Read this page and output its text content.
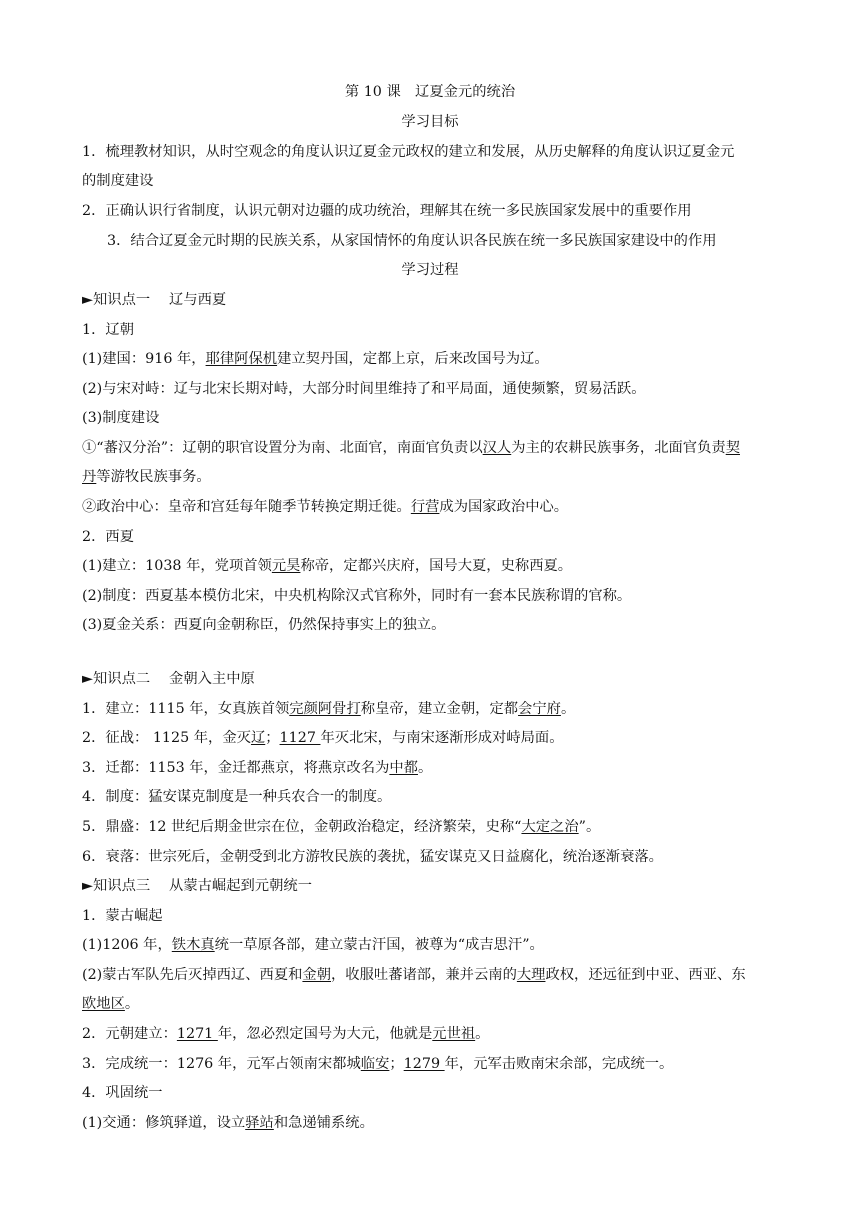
第 10 课　辽夏金元的统治
学习目标
1．梳理教材知识，从时空观念的角度认识辽夏金元政权的建立和发展，从历史解释的角度认识辽夏金元
的制度建设
2．正确认识行省制度，认识元朝对边疆的成功统治，理解其在统一多民族国家发展中的重要作用
3．结合辽夏金元时期的民族关系，从家国情怀的角度认识各民族在统一多民族国家建设中的作用
学习过程
►知识点一　 辽与西夏
1．辽朝
(1)建国：916 年，耶律阿保机建立契丹国，定都上京，后来改国号为辽。
(2)与宋对峙：辽与北宋长期对峙，大部分时间里维持了和平局面，通使频繁，贸易活跃。
(3)制度建设
①“蕃汉分治”：辽朝的职官设置分为南、北面官，南面官负责以汉人为主的农耕民族事务，北面官负责契
丹等游牧民族事务。
②政治中心：皇帝和宫廷每年随季节转换定期迁徙。行营成为国家政治中心。
2．西夏
(1)建立：1038 年，党项首领元昊称帝，定都兴庆府，国号大夏，史称西夏。
(2)制度：西夏基本模仿北宋，中央机构除汉式官称外，同时有一套本民族称谓的官称。
(3)夏金关系：西夏向金朝称臣，仍然保持事实上的独立。
►知识点二　 金朝入主中原
1．建立：1115 年，女真族首领完颜阿骨打称皇帝，建立金朝，定都会宁府。
2．征战： 1125 年，金灭辽；1127 年灭北宋，与南宋逐渐形成对峙局面。
3．迁都：1153 年，金迁都燕京，将燕京改名为中都。
4．制度：猛安谋克制度是一种兵农合一的制度。
5．鼎盛：12 世纪后期金世宗在位，金朝政治稳定，经济繁荣，史称“大定之治”。
6．衰落：世宗死后，金朝受到北方游牧民族的袭扰，猛安谋克又日益腐化，统治逐渐衰落。
►知识点三　 从蒙古崛起到元朝统一
1．蒙古崛起
(1)1206 年，铁木真统一草原各部，建立蒙古汗国，被尊为“成吉思汗”。
(2)蒙古军队先后灭掉西辽、西夏和金朝，收服吐蕃诸部，兼并云南的大理政权，还远征到中亚、西亚、东
欧地区。
2．元朝建立：1271 年，忽必烈定国号为大元，他就是元世祖。
3．完成统一：1276 年，元军占领南宋都城临安；1279 年，元军击败南宋余部，完成统一。
4．巩固统一
(1)交通：修筑驿道，设立驿站和急递铺系统。
